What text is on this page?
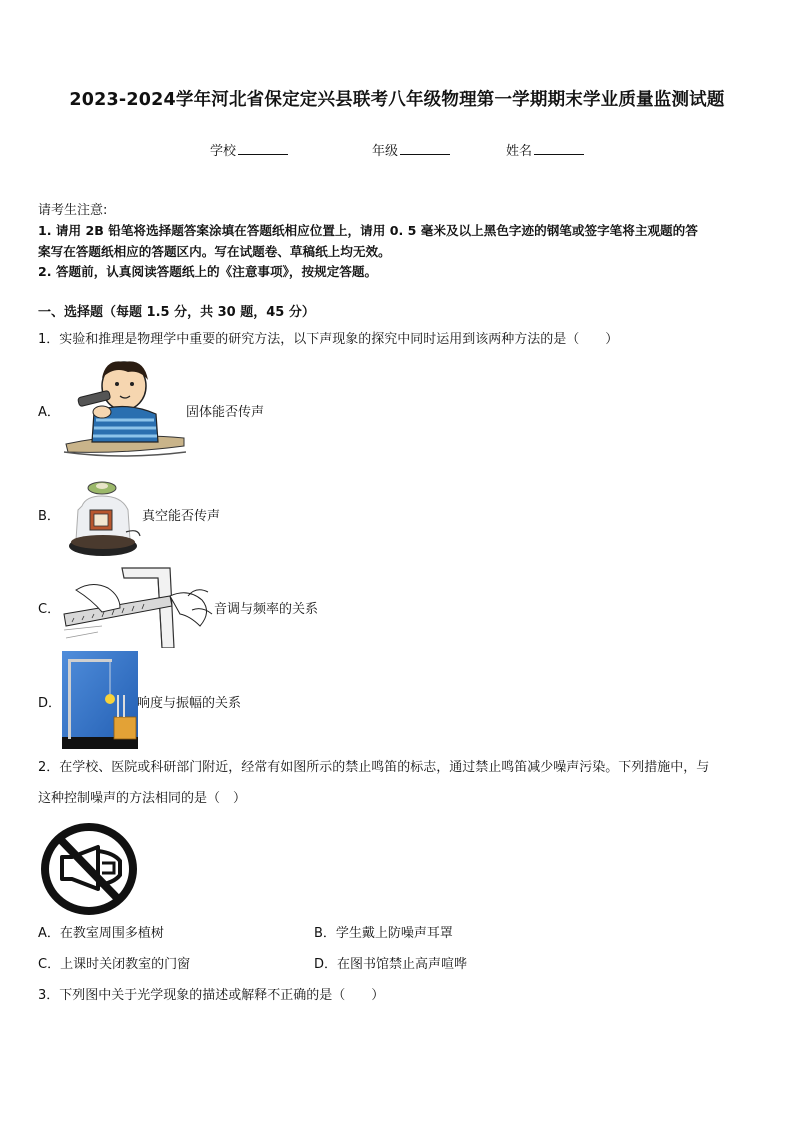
2023-2024学年河北省保定定兴县联考八年级物理第一学期期末学业质量监测试题
学校	年级	姓名
请考生注意:
1. 请用 2B 铅笔将选择题答案涂填在答题纸相应位置上，请用 0. 5 毫米及以上黑色字迹的钢笔或签字笔将主观题的答
案写在答题纸相应的答题区内。写在试题卷、草稿纸上均无效。
2. 答题前，认真阅读答题纸上的《注意事项》，按规定答题。
一、选择题（每题 1.5 分，共 30 题，45 分）
1．实验和推理是物理学中重要的研究方法，以下声现象的探究中同时运用到该两种方法的是（　　）
A．	固体能否传声
B．	真空能否传声
C．	音调与频率的关系
D．	响度与振幅的关系
2．在学校、医院或科研部门附近，经常有如图所示的禁止鸣笛的标志，通过禁止鸣笛减少噪声污染。下列措施中，与
这种控制噪声的方法相同的是（　）
A．在教室周围多植树	B．学生戴上防噪声耳罩
C．上课时关闭教室的门窗	D．在图书馆禁止高声喧哗
3．下列图中关于光学现象的描述或解释不正确的是（　　）
